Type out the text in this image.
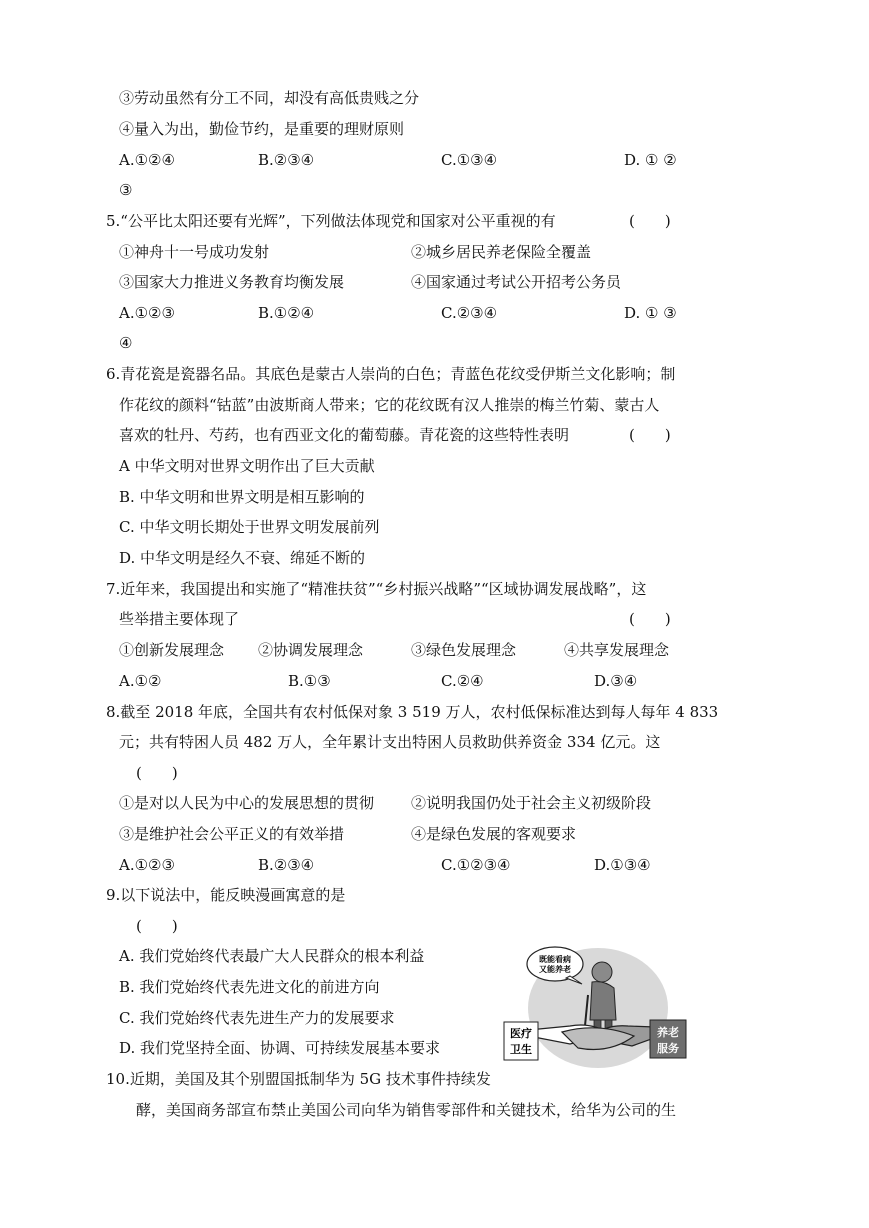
③劳动虽然有分工不同，却没有高低贵贱之分
④量入为出，勤俭节约，是重要的理财原则
A.①②④	B.②③④	C.①③④	D. ① ②
③
5.“公平比太阳还要有光辉”，下列做法体现党和国家对公平重视的有	(　　)
①神舟十一号成功发射	②城乡居民养老保险全覆盖
③国家大力推进义务教育均衡发展	④国家通过考试公开招考公务员
A.①②③	B.①②④	C.②③④	D. ① ③
④
6.青花瓷是瓷器名品。其底色是蒙古人崇尚的白色；青蓝色花纹受伊斯兰文化影响；制
作花纹的颜料“钴蓝”由波斯商人带来；它的花纹既有汉人推崇的梅兰竹菊、蒙古人
喜欢的牡丹、芍药，也有西亚文化的葡萄藤。青花瓷的这些特性表明	(　　)
A 中华文明对世界文明作出了巨大贡献
B. 中华文明和世界文明是相互影响的
C. 中华文明长期处于世界文明发展前列
D. 中华文明是经久不衰、绵延不断的
7.近年来，我国提出和实施了“精准扶贫”“乡村振兴战略”“区域协调发展战略”，这
些举措主要体现了	(　　)
①创新发展理念 ②协调发展理念	③绿色发展理念	④共享发展理念
A.①②	B.①③	C.②④	D.③④
8.截至 2018 年底，全国共有农村低保对象 3 519 万人，农村低保标准达到每人每年 4 833
元；共有特困人员 482 万人，全年累计支出特困人员救助供养资金 334 亿元。这
(　　)
①是对以人民为中心的发展思想的贯彻 ②说明我国仍处于社会主义初级阶段
③是维护社会公平正义的有效举措	④是绿色发展的客观要求
A.①②③	B.②③④	C.①②③④	D.①③④
9.以下说法中，能反映漫画寓意的是
(　　)
A. 我们党始终代表最广大人民群众的根本利益
B. 我们党始终代表先进文化的前进方向
C. 我们党始终代表先进生产力的发展要求
D. 我们党坚持全面、协调、可持续发展基本要求
既能看病
又能养老
医疗
卫生
养老
服务
10.近期，美国及其个别盟国抵制华为 5G 技术事件持续发
酵，美国商务部宣布禁止美国公司向华为销售零部件和关键技术，给华为公司的生
